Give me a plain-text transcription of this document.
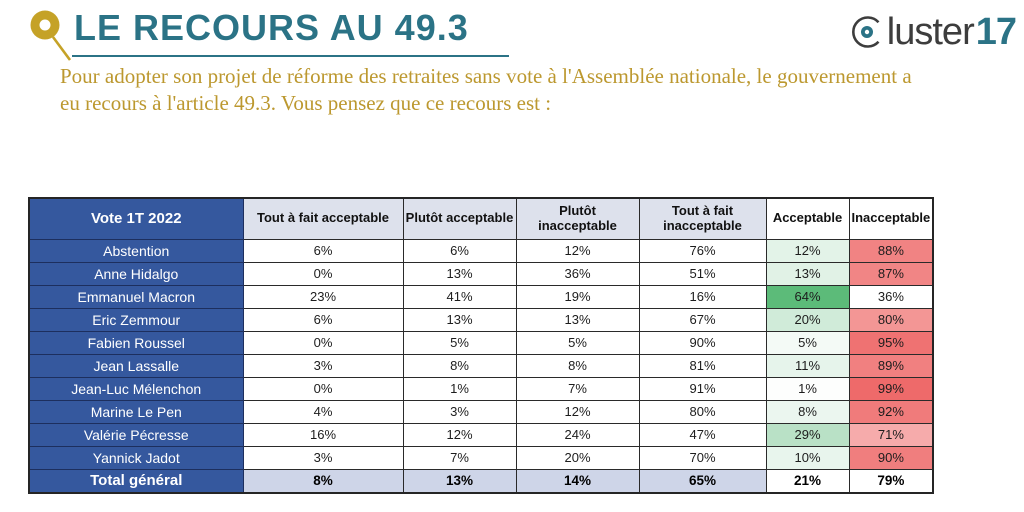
LE RECOURS AU 49.3	luster 17

Pour adopter son projet de réforme des retraites sans vote à l'Assemblée nationale, le gouvernement a eu recours à l'article 49.3. Vous pensez que ce recours est :

Vote 1T 2022	Tout à fait acceptable	Plutôt acceptable	Plutôt inacceptable	Tout à fait inacceptable	Acceptable	Inacceptable
Abstention	6%	6%	12%	76%	12%	88%
Anne Hidalgo	0%	13%	36%	51%	13%	87%
Emmanuel Macron	23%	41%	19%	16%	64%	36%
Eric Zemmour	6%	13%	13%	67%	20%	80%
Fabien Roussel	0%	5%	5%	90%	5%	95%
Jean Lassalle	3%	8%	8%	81%	11%	89%
Jean-Luc Mélenchon	0%	1%	7%	91%	1%	99%
Marine Le Pen	4%	3%	12%	80%	8%	92%
Valérie Pécresse	16%	12%	24%	47%	29%	71%
Yannick Jadot	3%	7%	20%	70%	10%	90%
Total général	8%	13%	14%	65%	21%	79%
